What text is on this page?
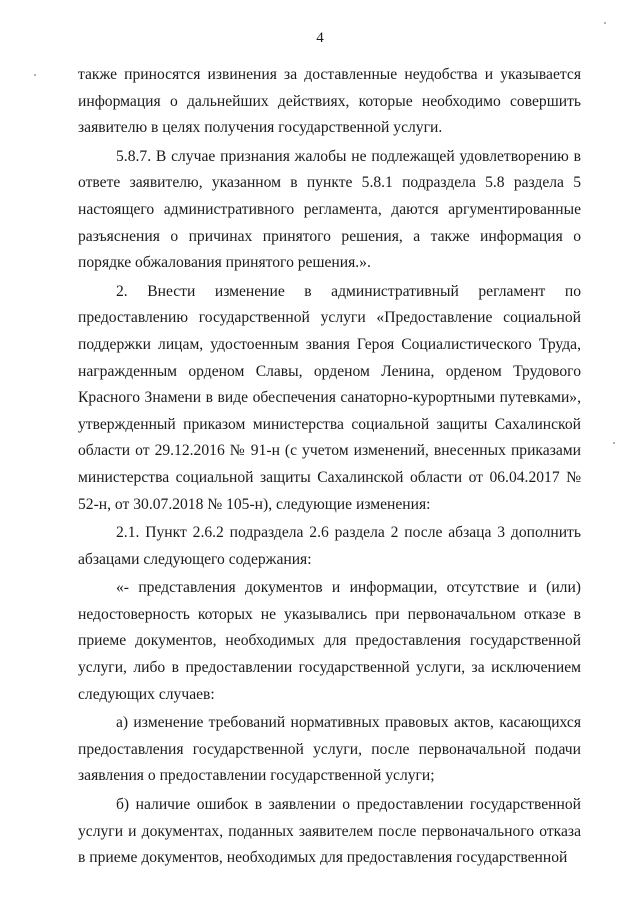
4

также приносятся извинения за доставленные неудобства и указывается информация о дальнейших действиях, которые необходимо совершить заявителю в целях получения государственной услуги.

5.8.7. В случае признания жалобы не подлежащей удовлетворению в ответе заявителю, указанном в пункте 5.8.1 подраздела 5.8 раздела 5 настоящего административного регламента, даются аргументированные разъяснения о причинах принятого решения, а также информация о порядке обжалования принятого решения.».

2. Внести изменение в административный регламент по предоставлению государственной услуги «Предоставление социальной поддержки лицам, удостоенным звания Героя Социалистического Труда, награжденным орденом Славы, орденом Ленина, орденом Трудового Красного Знамени в виде обеспечения санаторно-курортными путевками», утвержденный приказом министерства социальной защиты Сахалинской области от 29.12.2016 № 91-н (с учетом изменений, внесенных приказами министерства социальной защиты Сахалинской области от 06.04.2017 № 52-н, от 30.07.2018 № 105-н), следующие изменения:

2.1. Пункт 2.6.2 подраздела 2.6 раздела 2 после абзаца 3 дополнить абзацами следующего содержания:

«- представления документов и информации, отсутствие и (или) недостоверность которых не указывались при первоначальном отказе в приеме документов, необходимых для предоставления государственной услуги, либо в предоставлении государственной услуги, за исключением следующих случаев:

а) изменение требований нормативных правовых актов, касающихся предоставления государственной услуги, после первоначальной подачи заявления о предоставлении государственной услуги;

б) наличие ошибок в заявлении о предоставлении государственной услуги и документах, поданных заявителем после первоначального отказа в приеме документов, необходимых для предоставления государственной
